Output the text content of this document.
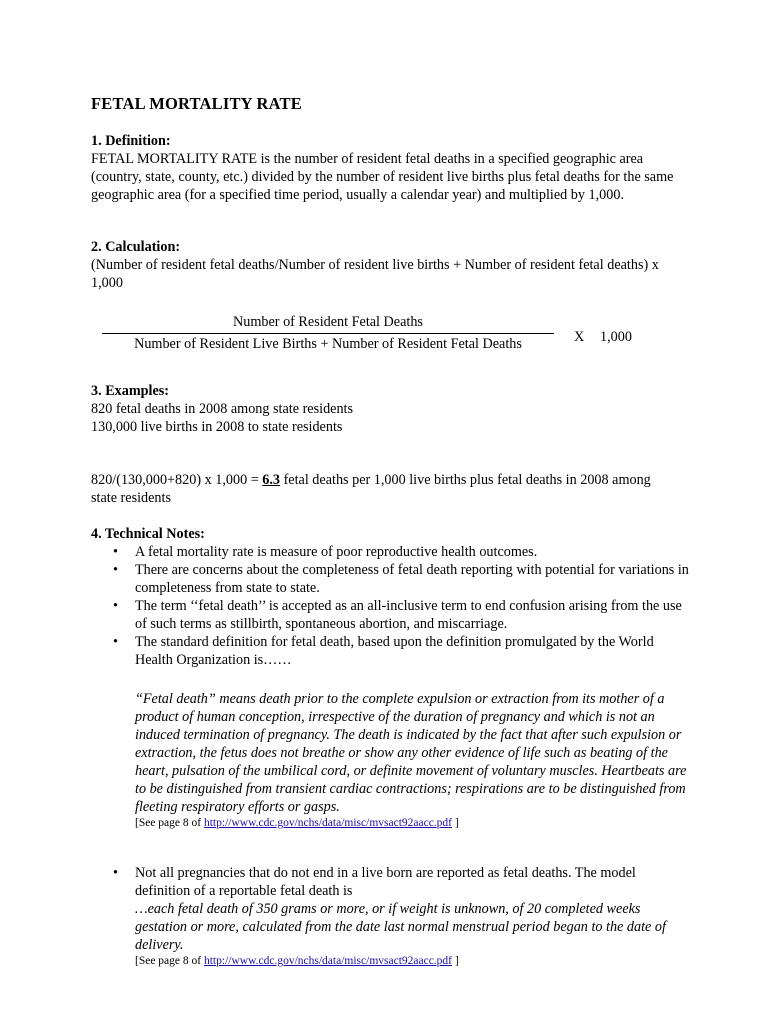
FETAL MORTALITY RATE

1. Definition:

FETAL MORTALITY RATE is the number of resident fetal deaths in a specified geographic area (country, state, county, etc.) divided by the number of resident live births plus fetal deaths for the same geographic area (for a specified time period, usually a calendar year) and multiplied by 1,000.

2. Calculation:

(Number of resident fetal deaths/Number of resident live births + Number of resident fetal deaths) x 1,000

Number of Resident Fetal Deaths
Number of Resident Live Births + Number of Resident Fetal Deaths	X 1,000

3. Examples:

820 fetal deaths in 2008 among state residents

130,000 live births in 2008 to state residents

820/(130,000+820) x 1,000 = 6.3 fetal deaths per 1,000 live births plus fetal deaths in 2008 among state residents

4. Technical Notes:

• A fetal mortality rate is measure of poor reproductive health outcomes.
• There are concerns about the completeness of fetal death reporting with potential for variations in completeness from state to state.
• The term ‘‘fetal death’’ is accepted as an all-inclusive term to end confusion arising from the use of such terms as stillbirth, spontaneous abortion, and miscarriage.
• The standard definition for fetal death, based upon the definition promulgated by the World Health Organization is……

“Fetal death” means death prior to the complete expulsion or extraction from its mother of a product of human conception, irrespective of the duration of pregnancy and which is not an induced termination of pregnancy. The death is indicated by the fact that after such expulsion or extraction, the fetus does not breathe or show any other evidence of life such as beating of the heart, pulsation of the umbilical cord, or definite movement of voluntary muscles. Heartbeats are to be distinguished from transient cardiac contractions; respirations are to be distinguished from fleeting respiratory efforts or gasps.

[See page 8 of http://www.cdc.gov/nchs/data/misc/mvsact92aacc.pdf ]

• Not all pregnancies that do not end in a live born are reported as fetal deaths. The model definition of a reportable fetal death is

…each fetal death of 350 grams or more, or if weight is unknown, of 20 completed weeks gestation or more, calculated from the date last normal menstrual period began to the date of delivery.

[See page 8 of http://www.cdc.gov/nchs/data/misc/mvsact92aacc.pdf ]
